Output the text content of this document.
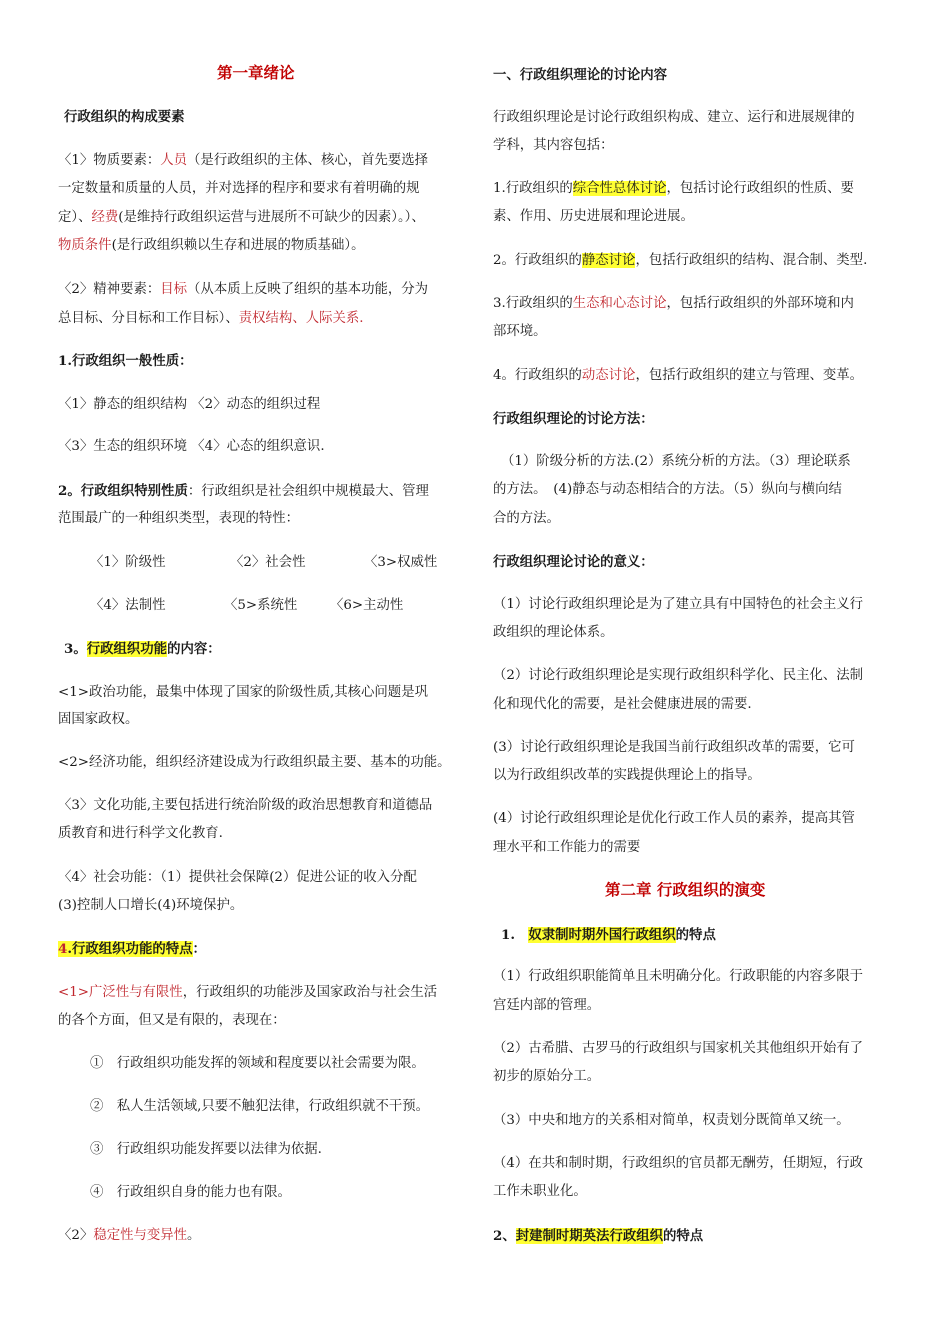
第一章绪论
行政组织的构成要素
〈1〉物质要素：人员（是行政组织的主体、核心，首先要选择
一定数量和质量的人员，并对选择的程序和要求有着明确的规
定）、经费(是维持行政组织运营与进展所不可缺少的因素）。）、
物质条件(是行政组织赖以生存和进展的物质基础）。
〈2〉精神要素：目标（从本质上反映了组织的基本功能，分为
总目标、分目标和工作目标）、责权结构、人际关系.
1.行政组织一般性质：
〈1〉静态的组织结构 〈2〉动态的组织过程
〈3〉生态的组织环境 〈4〉心态的组织意识.
2。行政组织特别性质：行政组织是社会组织中规模最大、管理
范围最广的一种组织类型，表现的特性：
〈1〉阶级性	〈2〉社会性	〈3>权威性
〈4〉法制性	〈5>系统性 〈6>主动性
3。行政组织功能的内容：
<1>政治功能，最集中体现了国家的阶级性质,其核心问题是巩
固国家政权。
<2>经济功能，组织经济建设成为行政组织最主要、基本的功能。
〈3〉文化功能,主要包括进行统治阶级的政治思想教育和道德品
质教育和进行科学文化教育.
〈4〉社会功能：（1）提供社会保障(2）促进公证的收入分配
(3)控制人口增长(4)环境保护。
4.行政组织功能的特点：
<1>广泛性与有限性，行政组织的功能涉及国家政治与社会生活
的各个方面，但又是有限的，表现在：
①　行政组织功能发挥的领域和程度要以社会需要为限。
②　私人生活领域,只要不触犯法律，行政组织就不干预。
③　行政组织功能发挥要以法律为依据.
④　行政组织自身的能力也有限。
〈2〉稳定性与变异性。
一、行政组织理论的讨论内容
行政组织理论是讨论行政组织构成、建立、运行和进展规律的
学科，其内容包括：
1.行政组织的综合性总体讨论，包括讨论行政组织的性质、要
素、作用、历史进展和理论进展。
2。行政组织的静态讨论，包括行政组织的结构、混合制、类型.
3.行政组织的生态和心态讨论，包括行政组织的外部环境和内
部环境。
4。行政组织的动态讨论，包括行政组织的建立与管理、变革。
行政组织理论的讨论方法：
（1）阶级分析的方法.(2）系统分析的方法。（3）理论联系
的方法。　(4)静态与动态相结合的方法。（5）纵向与横向结
合的方法。
行政组织理论讨论的意义：
（1）讨论行政组织理论是为了建立具有中国特色的社会主义行
政组织的理论体系。
（2）讨论行政组织理论是实现行政组织科学化、民主化、法制
化和现代化的需要，是社会健康进展的需要.
(3）讨论行政组织理论是我国当前行政组织改革的需要，它可
以为行政组织改革的实践提供理论上的指导。
(4）讨论行政组织理论是优化行政工作人员的素养，提高其管
理水平和工作能力的需要
第二章 行政组织的演变
1.　奴隶制时期外国行政组织的特点
（1）行政组织职能简单且未明确分化。行政职能的内容多限于
宫廷内部的管理。
（2）古希腊、古罗马的行政组织与国家机关其他组织开始有了
初步的原始分工。
（3）中央和地方的关系相对简单，权责划分既简单又统一。
（4）在共和制时期，行政组织的官员都无酬劳，任期短，行政
工作未职业化。
2、封建制时期英法行政组织的特点
